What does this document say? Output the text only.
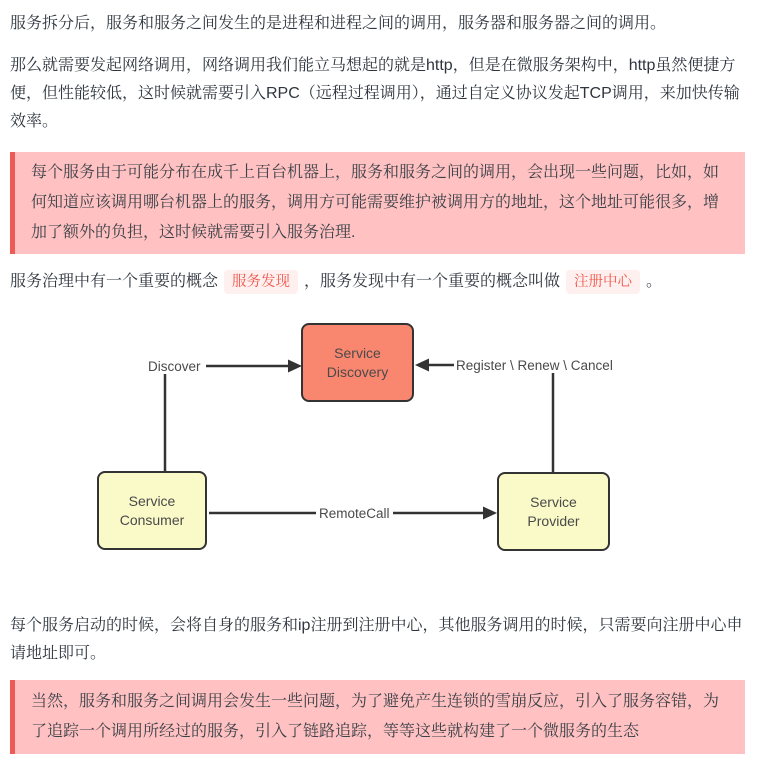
服务拆分后，服务和服务之间发生的是进程和进程之间的调用，服务器和服务器之间的调用。

那么就需要发起网络调用，网络调用我们能立马想起的就是http，但是在微服务架构中，http虽然便捷方便，但性能较低，这时候就需要引入RPC（远程过程调用），通过自定义协议发起TCP调用，来加快传输效率。

每个服务由于可能分布在成千上百台机器上，服务和服务之间的调用，会出现一些问题，比如，如何知道应该调用哪台机器上的服务，调用方可能需要维护被调用方的地址，这个地址可能很多，增加了额外的负担，这时候就需要引入服务治理.

服务治理中有一个重要的概念 服务发现 ，服务发现中有一个重要的概念叫做 注册中心 。

Service
Discovery
Service
Consumer
Service
Provider
Discover	Register \ Renew \ Cancel
RemoteCall

每个服务启动的时候，会将自身的服务和ip注册到注册中心，其他服务调用的时候，只需要向注册中心申请地址即可。

当然，服务和服务之间调用会发生一些问题，为了避免产生连锁的雪崩反应，引入了服务容错，为了追踪一个调用所经过的服务，引入了链路追踪，等等这些就构建了一个微服务的生态
